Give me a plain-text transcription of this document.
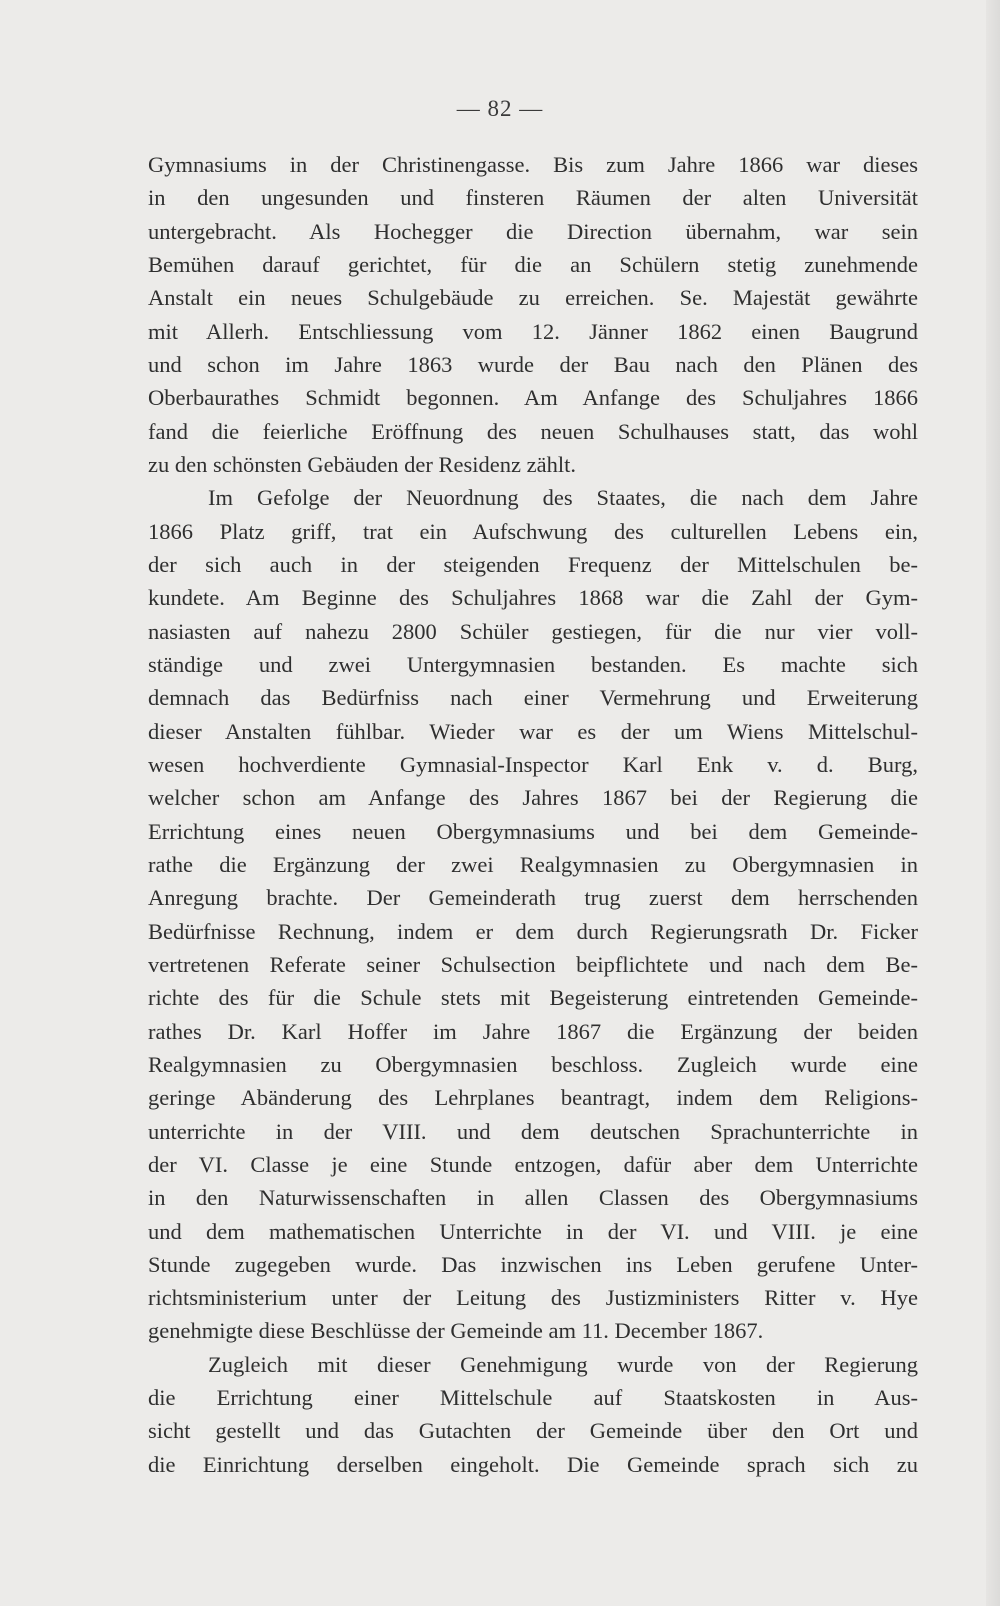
— 82 —
Gymnasiums in der Christinengasse. Bis zum Jahre 1866 war dieses
in den ungesunden und finsteren Räumen der alten Universität
untergebracht. Als Hochegger die Direction übernahm, war sein
Bemühen darauf gerichtet, für die an Schülern stetig zunehmende
Anstalt ein neues Schulgebäude zu erreichen. Se. Majestät gewährte
mit Allerh. Entschliessung vom 12. Jänner 1862 einen Baugrund
und schon im Jahre 1863 wurde der Bau nach den Plänen des
Oberbaurathes Schmidt begonnen. Am Anfange des Schuljahres 1866
fand die feierliche Eröffnung des neuen Schulhauses statt, das wohl
zu den schönsten Gebäuden der Residenz zählt.
Im Gefolge der Neuordnung des Staates, die nach dem Jahre
1866 Platz griff, trat ein Aufschwung des culturellen Lebens ein,
der sich auch in der steigenden Frequenz der Mittelschulen be-
kundete. Am Beginne des Schuljahres 1868 war die Zahl der Gym-
nasiasten auf nahezu 2800 Schüler gestiegen, für die nur vier voll-
ständige und zwei Untergymnasien bestanden. Es machte sich
demnach das Bedürfniss nach einer Vermehrung und Erweiterung
dieser Anstalten fühlbar. Wieder war es der um Wiens Mittelschul-
wesen hochverdiente Gymnasial-Inspector Karl Enk v. d. Burg,
welcher schon am Anfange des Jahres 1867 bei der Regierung die
Errichtung eines neuen Obergymnasiums und bei dem Gemeinde-
rathe die Ergänzung der zwei Realgymnasien zu Obergymnasien in
Anregung brachte. Der Gemeinderath trug zuerst dem herrschenden
Bedürfnisse Rechnung, indem er dem durch Regierungsrath Dr. Ficker
vertretenen Referate seiner Schulsection beipflichtete und nach dem Be-
richte des für die Schule stets mit Begeisterung eintretenden Gemeinde-
rathes Dr. Karl Hoffer im Jahre 1867 die Ergänzung der beiden
Realgymnasien zu Obergymnasien beschloss. Zugleich wurde eine
geringe Abänderung des Lehrplanes beantragt, indem dem Religions-
unterrichte in der VIII. und dem deutschen Sprachunterrichte in
der VI. Classe je eine Stunde entzogen, dafür aber dem Unterrichte
in den Naturwissenschaften in allen Classen des Obergymnasiums
und dem mathematischen Unterrichte in der VI. und VIII. je eine
Stunde zugegeben wurde. Das inzwischen ins Leben gerufene Unter-
richtsministerium unter der Leitung des Justizministers Ritter v. Hye
genehmigte diese Beschlüsse der Gemeinde am 11. December 1867.
Zugleich mit dieser Genehmigung wurde von der Regierung
die Errichtung einer Mittelschule auf Staatskosten in Aus-
sicht gestellt und das Gutachten der Gemeinde über den Ort und
die Einrichtung derselben eingeholt. Die Gemeinde sprach sich zu
